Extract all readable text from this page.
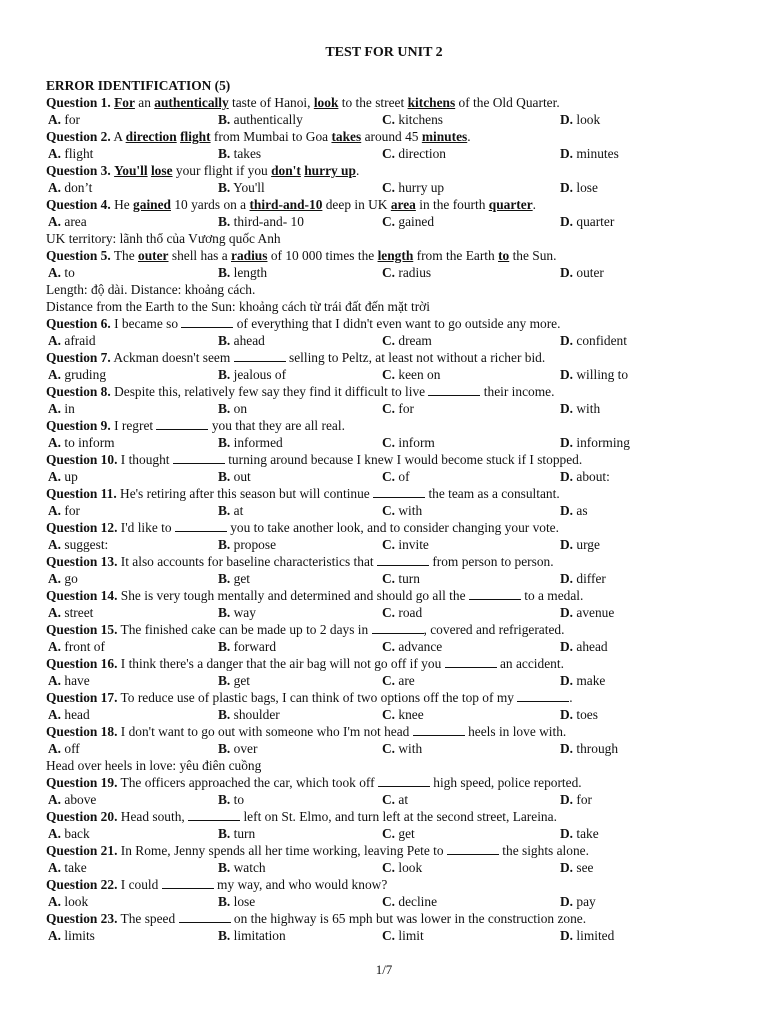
TEST FOR UNIT 2
ERROR IDENTIFICATION (5)
Question 1. For an authentically taste of Hanoi, look to the street kitchens of the Old Quarter.
A. for	B. authentically	C. kitchens	D. look
Question 2. A direction flight from Mumbai to Goa takes around 45 minutes.
A. flight	B. takes	C. direction	D. minutes
Question 3. You'll lose your flight if you don't hurry up.
A. don’t	B. You'll	C. hurry up	D. lose
Question 4. He gained 10 yards on a third-and-10 deep in UK area in the fourth quarter.
A. area	B. third-and- 10	C. gained	D. quarter
UK territory: lãnh thổ của Vương quốc Anh
Question 5. The outer shell has a radius of 10 000 times the length from the Earth to the Sun.
A. to	B. length	C. radius	D. outer
Length: độ dài. Distance: khoảng cách.
Distance from the Earth to the Sun: khoảng cách từ trái đất đến mặt trời
Question 6. I became so	of everything that I didn't even want to go outside any more.
A. afraid	B. ahead	C. dream	D. confident
Question 7. Ackman doesn't seem	selling to Peltz, at least not without a richer bid.
A. gruding	B. jealous of	C. keen on	D. willing to
Question 8. Despite this, relatively few say they find it difficult to live	their income.
A. in	B. on	C. for	D. with
Question 9. I regret	you that they are all real.
A. to inform	B. informed	C. inform	D. informing
Question 10. I thought	turning around because I knew I would become stuck if I stopped.
A. up	B. out	C. of	D. about:
Question 11. He's retiring after this season but will continue	the team as a consultant.
A. for	B. at	C. with	D. as
Question 12. I'd like to	you to take another look, and to consider changing your vote.
A. suggest:	B. propose	C. invite	D. urge
Question 13. It also accounts for baseline characteristics that	from person to person.
A. go	B. get	C. turn	D. differ
Question 14. She is very tough mentally and determined and should go all the	to a medal.
A. street	B. way	C. road	D. avenue
Question 15. The finished cake can be made up to 2 days in	, covered and refrigerated.
A. front of	B. forward	C. advance	D. ahead
Question 16. I think there's a danger that the air bag will not go off if you	an accident.
A. have	B. get	C. are	D. make
Question 17. To reduce use of plastic bags, I can think of two options off the top of my	.
A. head	B. shoulder	C. knee	D. toes
Question 18. I don't want to go out with someone who I'm not head	heels in love with.
A. off	B. over	C. with	D. through
Head over heels in love: yêu điên cuồng
Question 19. The officers approached the car, which took off	high speed, police reported.
A. above	B. to	C. at	D. for
Question 20. Head south,	left on St. Elmo, and turn left at the second street, Lareina.
A. back	B. turn	C. get	D. take
Question 21. In Rome, Jenny spends all her time working, leaving Pete to	the sights alone.
A. take	B. watch	C. look	D. see
Question 22. I could	my way, and who would know?
A. look	B. lose	C. decline	D. pay
Question 23. The speed	on the highway is 65 mph but was lower in the construction zone.
A. limits	B. limitation	C. limit	D. limited
1/7
